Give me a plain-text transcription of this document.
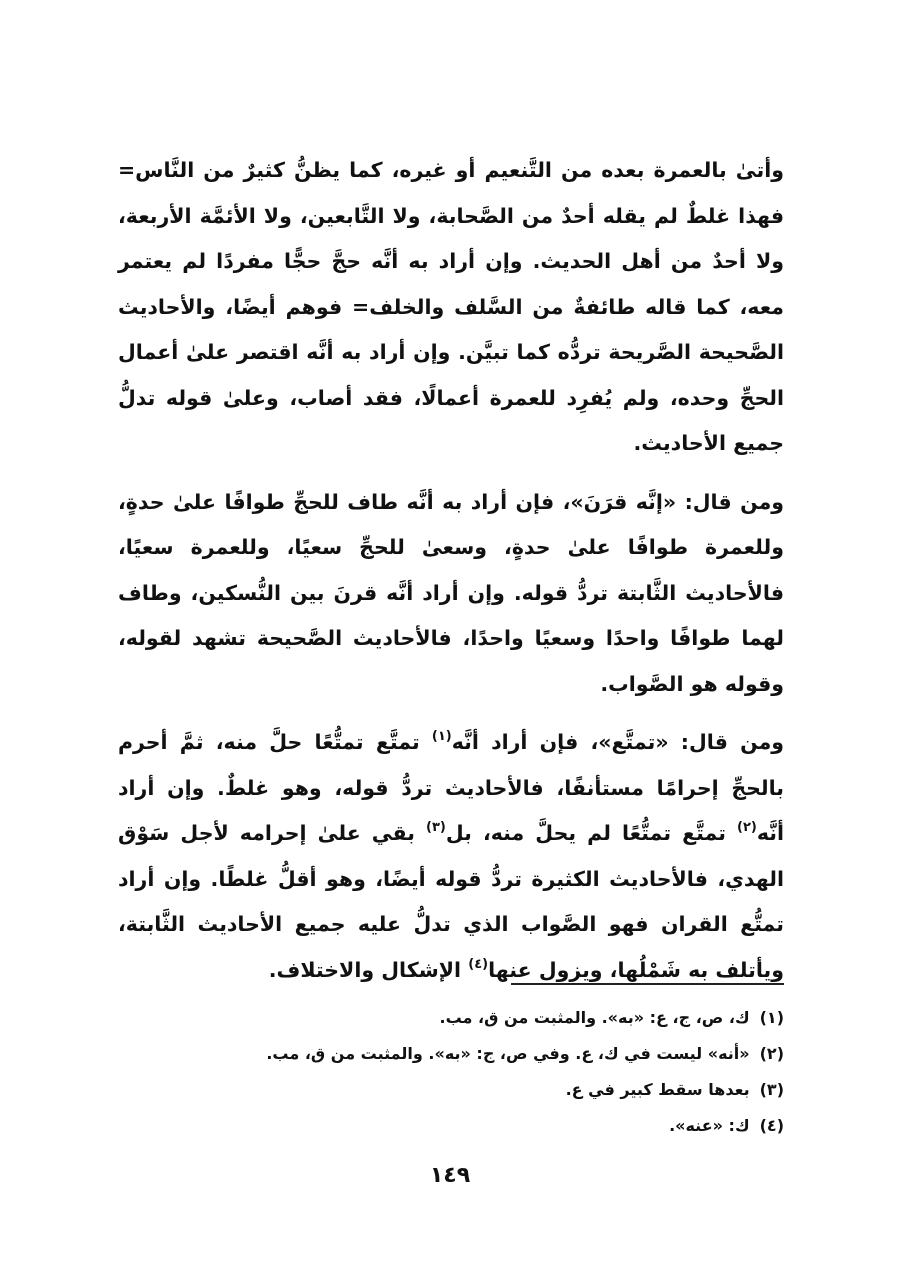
وأتىٰ بالعمرة بعده من التَّنعيم أو غيره، كما يظنُّ كثيرٌ من النَّاس= فهذا غلطٌ لم يقله أحدٌ من الصَّحابة، ولا التَّابعين، ولا الأئمَّة الأربعة، ولا أحدٌ من أهل الحديث. وإن أراد به أنَّه حجَّ حجًّا مفردًا لم يعتمر معه، كما قاله طائفةٌ من السَّلف والخلف= فوهم أيضًا، والأحاديث الصَّحيحة الصَّريحة تردُّه كما تبيَّن. وإن أراد به أنَّه اقتصر علىٰ أعمال الحجِّ وحده، ولم يُفرِد للعمرة أعمالًا، فقد أصاب، وعلىٰ قوله تدلُّ جميع الأحاديث.

ومن قال: «إنَّه قرَنَ»، فإن أراد به أنَّه طاف للحجِّ طوافًا علىٰ حدةٍ، وللعمرة طوافًا علىٰ حدةٍ، وسعىٰ للحجِّ سعيًا، وللعمرة سعيًا، فالأحاديث الثَّابتة تردُّ قوله. وإن أراد أنَّه قرنَ بين النُّسكين، وطاف لهما طوافًا واحدًا وسعيًا واحدًا، فالأحاديث الصَّحيحة تشهد لقوله، وقوله هو الصَّواب.

ومن قال: «تمتَّع»، فإن أراد أنَّه$^{(١)}$ تمتَّع تمتُّعًا حلَّ منه، ثمَّ أحرم بالحجِّ إحرامًا مستأنفًا، فالأحاديث تردُّ قوله، وهو غلطٌ. وإن أراد أنَّه$^{(٢)}$ تمتَّع تمتُّعًا لم يحلَّ منه، بل$^{(٣)}$ بقي علىٰ إحرامه لأجل سَوْق الهدي، فالأحاديث الكثيرة تردُّ قوله أيضًا، وهو أقلُّ غلطًا. وإن أراد تمتُّع القران فهو الصَّواب الذي تدلُّ عليه جميع الأحاديث الثَّابتة، ويأتلف به شَمْلُها، ويزول عنها$^{(٤)}$ الإشكال والاختلاف.

(١)ك، ص، ج، ع: «به». والمثبت من ق، مب.
(٢)«أنه» ليست في ك، ع. وفي ص، ج: «به». والمثبت من ق، مب.
(٣)بعدها سقط كبير في ع.
(٤)ك: «عنه».
١٤٩
